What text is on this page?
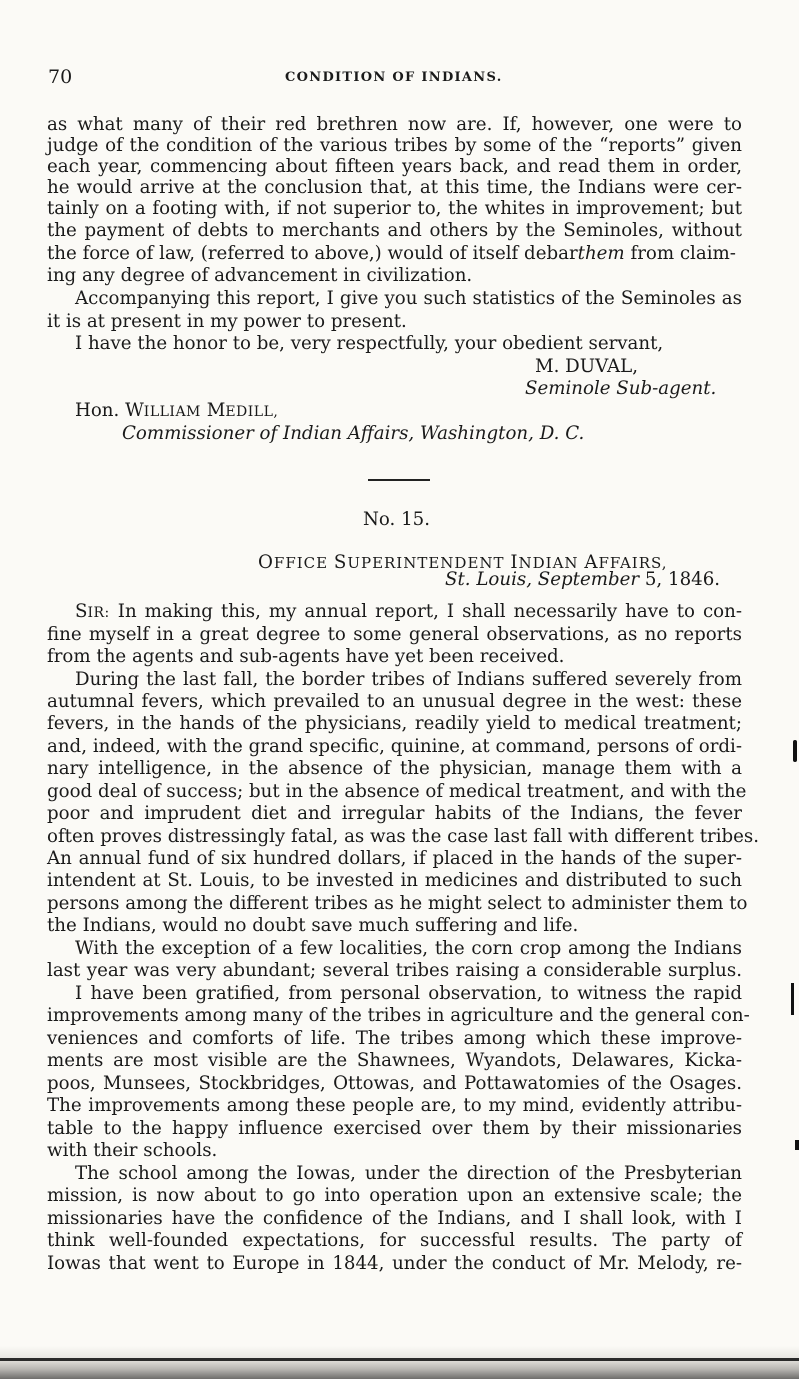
70	CONDITION OF INDIANS.
as what many of their red brethren now are. If, however, one were to
judge of the condition of the various tribes by some of the “reports” given
each year, commencing about fifteen years back, and read them in order,
he would arrive at the conclusion that, at this time, the Indians were cer-
tainly on a footing with, if not superior to, the whites in improvement; but
the payment of debts to merchants and others by the Seminoles, without
the force of law, (referred to above,) would of itself debarthem from claim-
ing any degree of advancement in civilization.
Accompanying this report, I give you such statistics of the Seminoles as
it is at present in my power to present.
I have the honor to be, very respectfully, your obedient servant,
M. DUVAL,
Seminole Sub-agent.
Hon. WILLIAM MEDILL,
Commissioner of Indian Affairs, Washington, D. C.
No. 15.
OFFICE SUPERINTENDENT INDIAN AFFAIRS,
St. Louis, September 5, 1846.
SIR: In making this, my annual report, I shall necessarily have to con-
fine myself in a great degree to some general observations, as no reports
from the agents and sub-agents have yet been received.
During the last fall, the border tribes of Indians suffered severely from
autumnal fevers, which prevailed to an unusual degree in the west: these
fevers, in the hands of the physicians, readily yield to medical treatment;
and, indeed, with the grand specific, quinine, at command, persons of ordi-
nary intelligence, in the absence of the physician, manage them with a
good deal of success; but in the absence of medical treatment, and with the
poor and imprudent diet and irregular habits of the Indians, the fever
often proves distressingly fatal, as was the case last fall with different tribes.
An annual fund of six hundred dollars, if placed in the hands of the super-
intendent at St. Louis, to be invested in medicines and distributed to such
persons among the different tribes as he might select to administer them to
the Indians, would no doubt save much suffering and life.
With the exception of a few localities, the corn crop among the Indians
last year was very abundant; several tribes raising a considerable surplus.
I have been gratified, from personal observation, to witness the rapid
improvements among many of the tribes in agriculture and the general con-
veniences and comforts of life. The tribes among which these improve-
ments are most visible are the Shawnees, Wyandots, Delawares, Kicka-
poos, Munsees, Stockbridges, Ottowas, and Pottawatomies of the Osages.
The improvements among these people are, to my mind, evidently attribu-
table to the happy influence exercised over them by their missionaries
with their schools.
The school among the Iowas, under the direction of the Presbyterian
mission, is now about to go into operation upon an extensive scale; the
missionaries have the confidence of the Indians, and I shall look, with I
think well-founded expectations, for successful results. The party of
Iowas that went to Europe in 1844, under the conduct of Mr. Melody, re-
